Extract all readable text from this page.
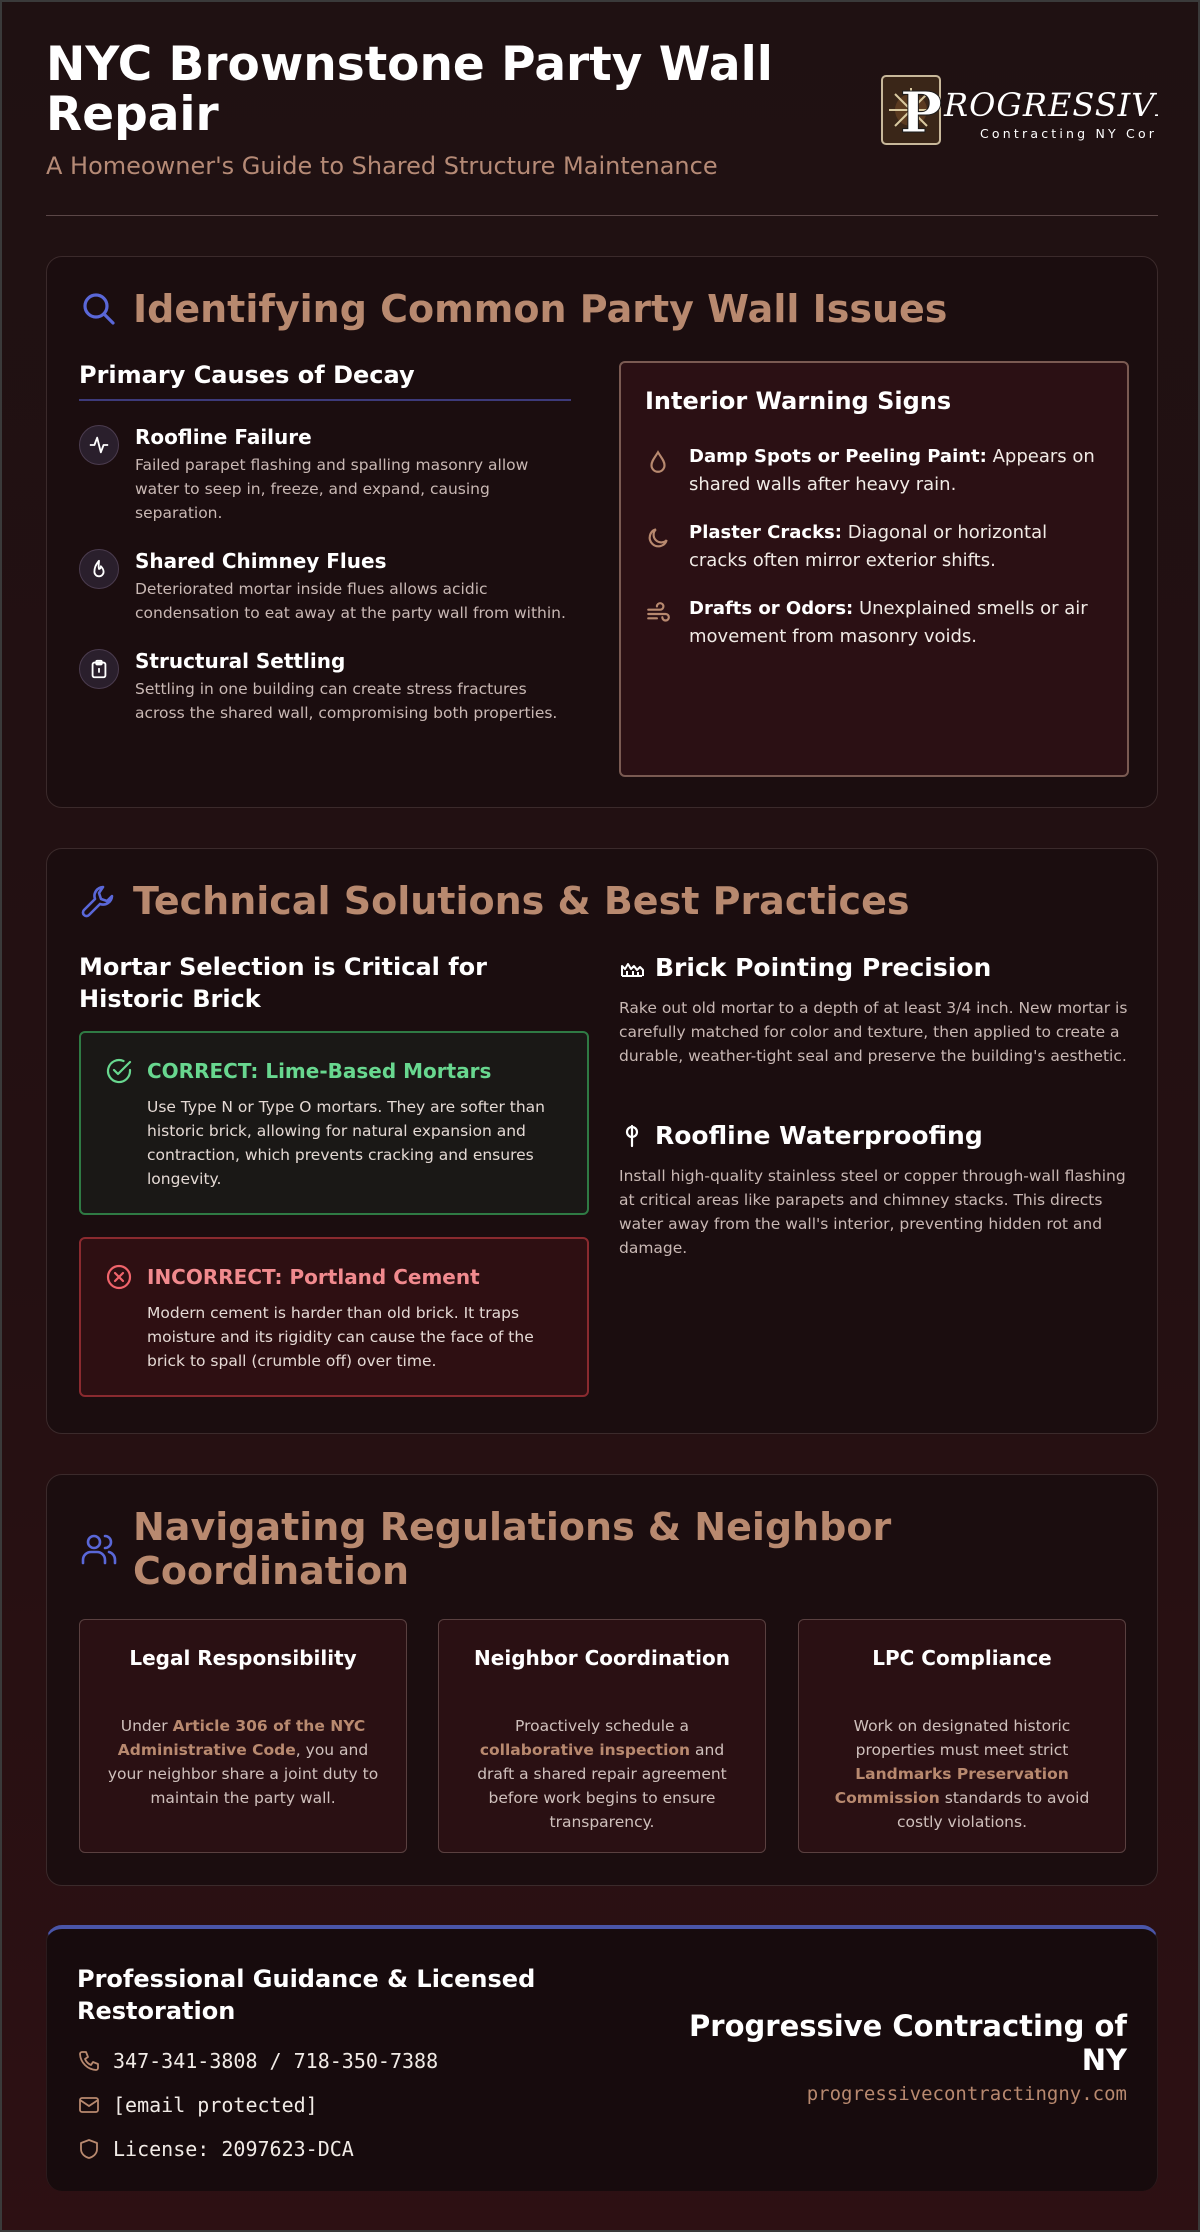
NYC Brownstone Party Wall Repair
A Homeowner's Guide to Shared Structure Maintenance
P ROGRESSIVE
Contracting NY Corp.
Identifying Common Party Wall Issues
Primary Causes of Decay
Roofline Failure
Failed parapet flashing and spalling masonry allow water to seep in, freeze, and expand, causing separation.
Shared Chimney Flues
Deteriorated mortar inside flues allows acidic condensation to eat away at the party wall from within.
Structural Settling
Settling in one building can create stress fractures across the shared wall, compromising both properties.
Interior Warning Signs
Damp Spots or Peeling Paint: Appears on shared walls after heavy rain.
Plaster Cracks: Diagonal or horizontal cracks often mirror exterior shifts.
Drafts or Odors: Unexplained smells or air movement from masonry voids.
Technical Solutions & Best Practices
Mortar Selection is Critical for Historic Brick
CORRECT: Lime-Based Mortars
Use Type N or Type O mortars. They are softer than historic brick, allowing for natural expansion and contraction, which prevents cracking and ensures longevity.
INCORRECT: Portland Cement
Modern cement is harder than old brick. It traps moisture and its rigidity can cause the face of the brick to spall (crumble off) over time.
Brick Pointing Precision
Rake out old mortar to a depth of at least 3/4 inch. New mortar is carefully matched for color and texture, then applied to create a durable, weather-tight seal and preserve the building's aesthetic.
Roofline Waterproofing
Install high-quality stainless steel or copper through-wall flashing at critical areas like parapets and chimney stacks. This directs water away from the wall's interior, preventing hidden rot and damage.
Navigating Regulations & Neighbor Coordination
Legal Responsibility
Under Article 306 of the NYC Administrative Code, you and your neighbor share a joint duty to maintain the party wall.
Neighbor Coordination
Proactively schedule a collaborative inspection and draft a shared repair agreement before work begins to ensure transparency.
LPC Compliance
Work on designated historic properties must meet strict Landmarks Preservation Commission standards to avoid costly violations.
Professional Guidance & Licensed Restoration
347-341-3808 / 718-350-7388
[email protected]
License: 2097623-DCA
Progressive Contracting of NY
progressivecontractingny.com
